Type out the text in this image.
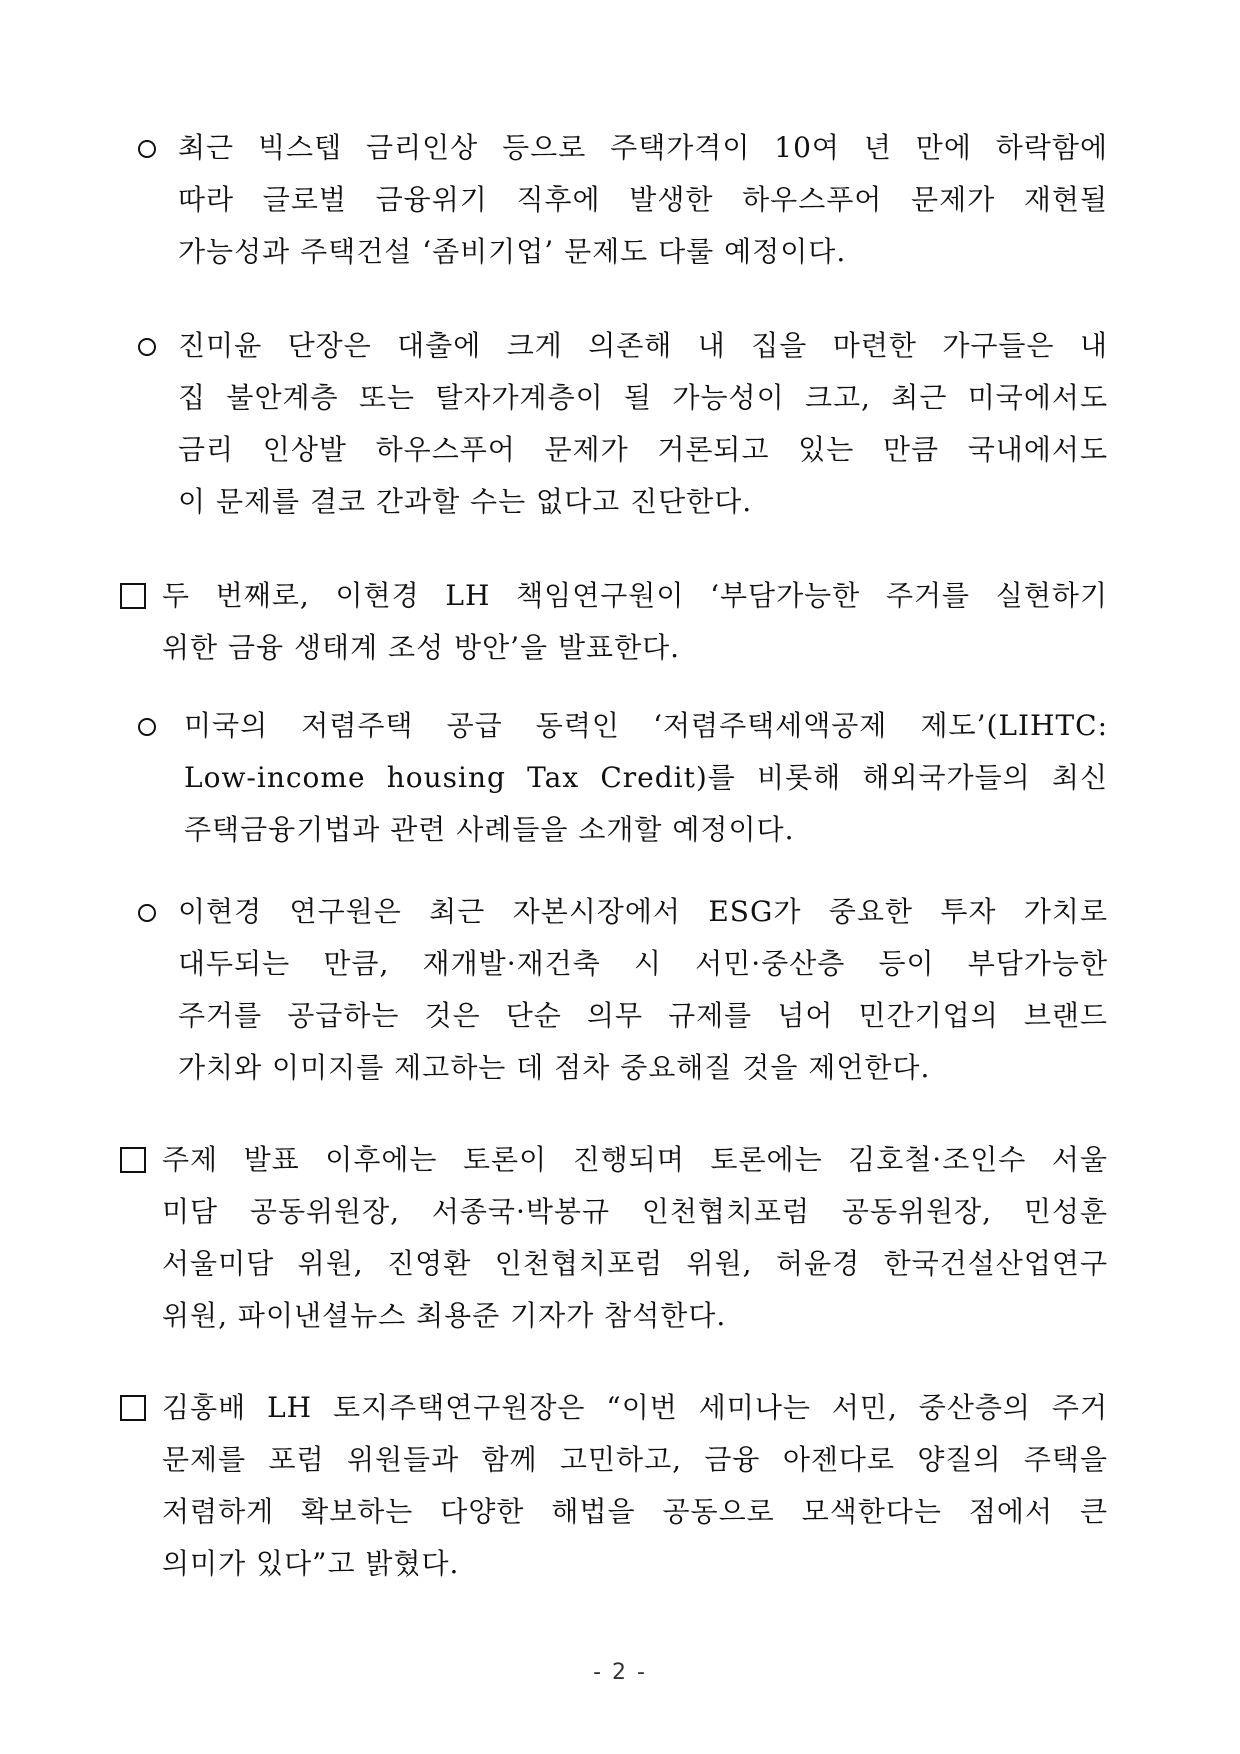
최근 빅스텝 금리인상 등으로 주택가격이 10여 년 만에 하락함에
따라 글로벌 금융위기 직후에 발생한 하우스푸어 문제가 재현될
가능성과 주택건설 ‘좀비기업’ 문제도 다룰 예정이다.
진미윤 단장은 대출에 크게 의존해 내 집을 마련한 가구들은 내
집 불안계층 또는 탈자가계층이 될 가능성이 크고, 최근 미국에서도
금리 인상발 하우스푸어 문제가 거론되고 있는 만큼 국내에서도
이 문제를 결코 간과할 수는 없다고 진단한다.
두 번째로, 이현경 LH 책임연구원이 ‘부담가능한 주거를 실현하기
위한 금융 생태계 조성 방안’을 발표한다.
미국의 저렴주택 공급 동력인 ‘저렴주택세액공제 제도’(LIHTC:
Low-income housing Tax Credit)를 비롯해 해외국가들의 최신
주택금융기법과 관련 사례들을 소개할 예정이다.
이현경 연구원은 최근 자본시장에서 ESG가 중요한 투자 가치로
대두되는 만큼, 재개발·재건축 시 서민·중산층 등이 부담가능한
주거를 공급하는 것은 단순 의무 규제를 넘어 민간기업의 브랜드
가치와 이미지를 제고하는 데 점차 중요해질 것을 제언한다.
주제 발표 이후에는 토론이 진행되며 토론에는 김호철·조인수 서울
미담 공동위원장, 서종국·박봉규 인천협치포럼 공동위원장, 민성훈
서울미담 위원, 진영환 인천협치포럼 위원, 허윤경 한국건설산업연구
위원, 파이낸셜뉴스 최용준 기자가 참석한다.
김홍배 LH 토지주택연구원장은 “이번 세미나는 서민, 중산층의 주거
문제를 포럼 위원들과 함께 고민하고, 금융 아젠다로 양질의 주택을
저렴하게 확보하는 다양한 해법을 공동으로 모색한다는 점에서 큰
의미가 있다”고 밝혔다.
- 2 -
